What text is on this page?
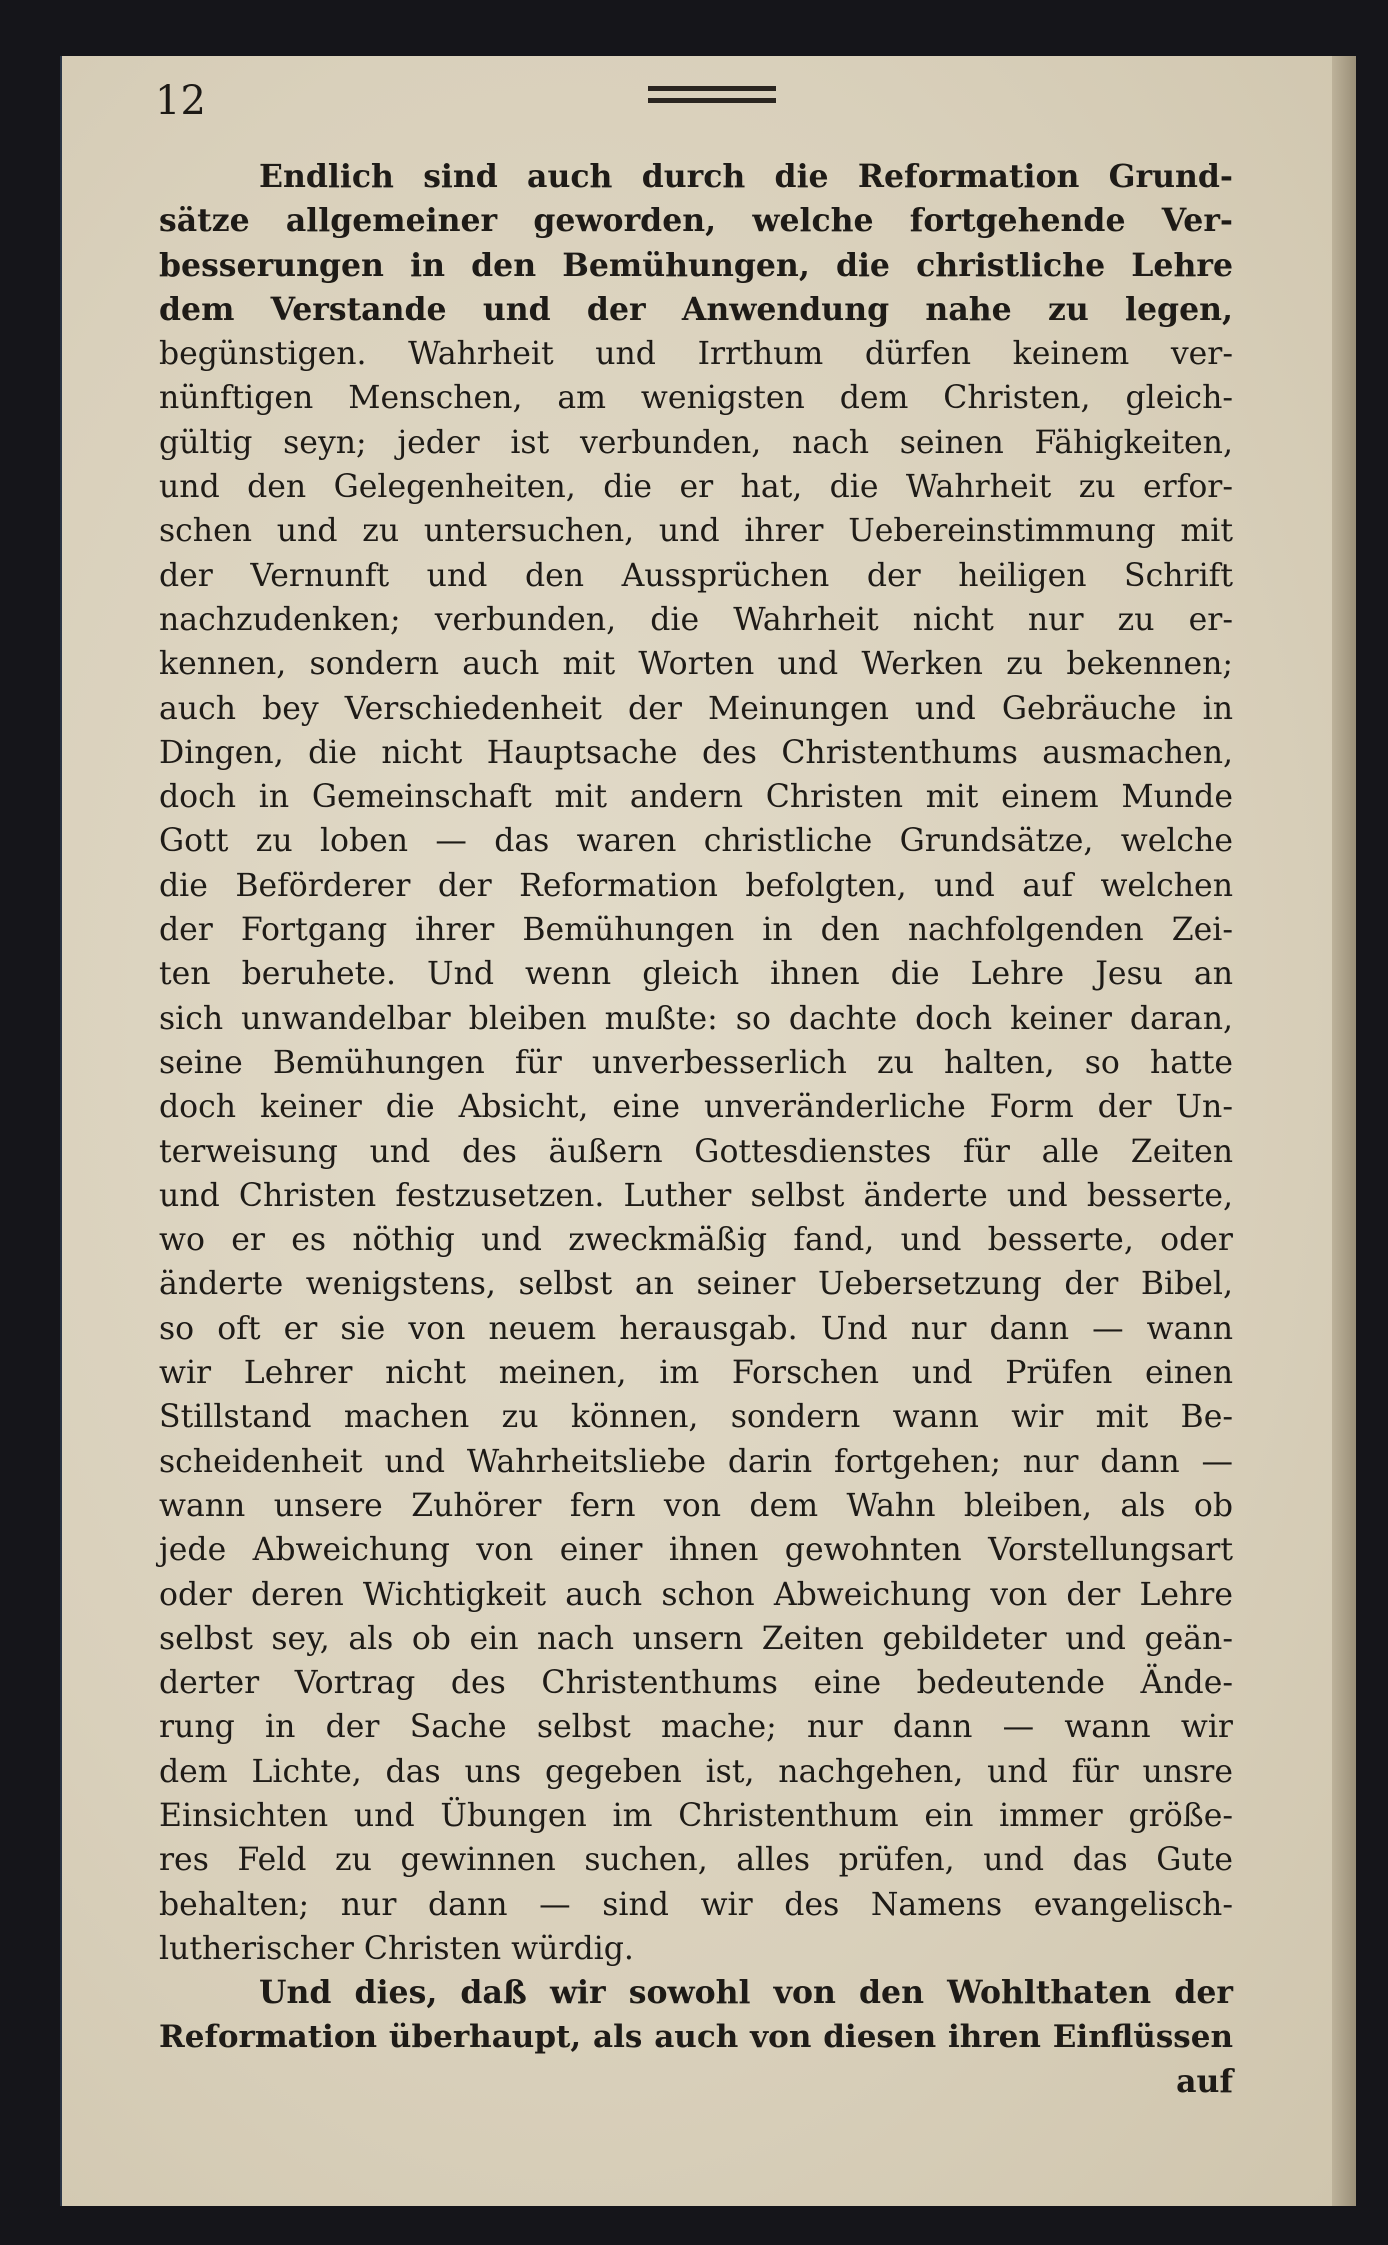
12
Endlich sind auch durch die Reformation Grund-
sätze allgemeiner geworden, welche fortgehende Ver-
besserungen in den Bemühungen, die christliche Lehre
dem Verstande und der Anwendung nahe zu legen,
begünstigen. Wahrheit und Irrthum dürfen keinem ver-
nünftigen Menschen, am wenigsten dem Christen, gleich-
gültig seyn; jeder ist verbunden, nach seinen Fähigkeiten,
und den Gelegenheiten, die er hat, die Wahrheit zu erfor-
schen und zu untersuchen, und ihrer Uebereinstimmung mit
der Vernunft und den Aussprüchen der heiligen Schrift
nachzudenken; verbunden, die Wahrheit nicht nur zu er-
kennen, sondern auch mit Worten und Werken zu bekennen;
auch bey Verschiedenheit der Meinungen und Gebräuche in
Dingen, die nicht Hauptsache des Christenthums ausmachen,
doch in Gemeinschaft mit andern Christen mit einem Munde
Gott zu loben — das waren christliche Grundsätze, welche
die Beförderer der Reformation befolgten, und auf welchen
der Fortgang ihrer Bemühungen in den nachfolgenden Zei-
ten beruhete. Und wenn gleich ihnen die Lehre Jesu an
sich unwandelbar bleiben mußte: so dachte doch keiner daran,
seine Bemühungen für unverbesserlich zu halten, so hatte
doch keiner die Absicht, eine unveränderliche Form der Un-
terweisung und des äußern Gottesdienstes für alle Zeiten
und Christen festzusetzen. Luther selbst änderte und besserte,
wo er es nöthig und zweckmäßig fand, und besserte, oder
änderte wenigstens, selbst an seiner Uebersetzung der Bibel,
so oft er sie von neuem herausgab. Und nur dann — wann
wir Lehrer nicht meinen, im Forschen und Prüfen einen
Stillstand machen zu können, sondern wann wir mit Be-
scheidenheit und Wahrheitsliebe darin fortgehen; nur dann —
wann unsere Zuhörer fern von dem Wahn bleiben, als ob
jede Abweichung von einer ihnen gewohnten Vorstellungsart
oder deren Wichtigkeit auch schon Abweichung von der Lehre
selbst sey, als ob ein nach unsern Zeiten gebildeter und geän-
derter Vortrag des Christenthums eine bedeutende Ände-
rung in der Sache selbst mache; nur dann — wann wir
dem Lichte, das uns gegeben ist, nachgehen, und für unsre
Einsichten und Übungen im Christenthum ein immer größe-
res Feld zu gewinnen suchen, alles prüfen, und das Gute
behalten; nur dann — sind wir des Namens evangelisch-
lutherischer Christen würdig.
Und dies, daß wir sowohl von den Wohlthaten der
Reformation überhaupt, als auch von diesen ihren Einflüssen
auf
